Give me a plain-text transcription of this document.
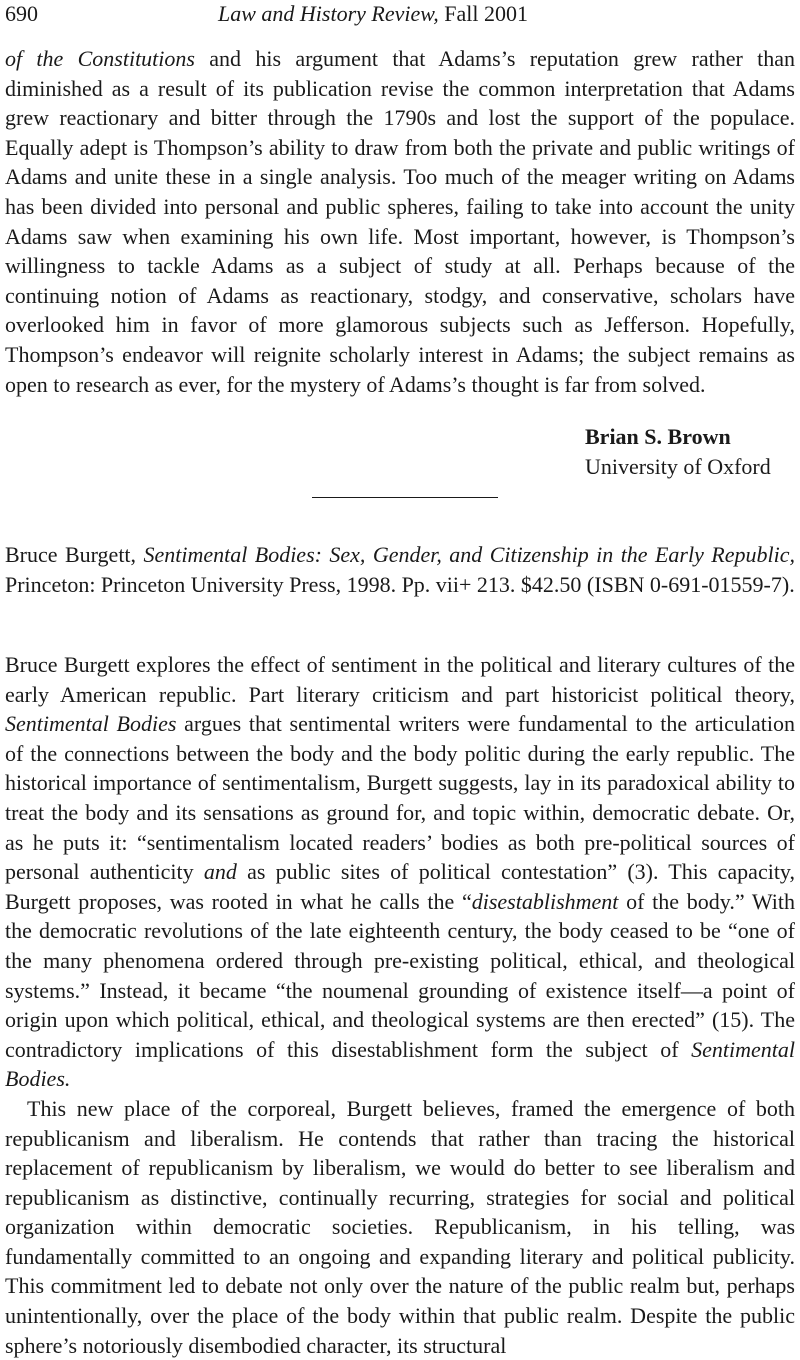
690	Law and History Review, Fall 2001

of the Constitutions and his argument that Adams’s reputation grew rather than diminished as a result of its publication revise the common interpretation that Adams grew reactionary and bitter through the 1790s and lost the support of the populace. Equally adept is Thompson’s ability to draw from both the private and public writings of Adams and unite these in a single analysis. Too much of the meager writing on Adams has been divided into personal and public spheres, failing to take into account the unity Adams saw when examining his own life. Most important, however, is Thompson’s willingness to tackle Adams as a subject of study at all. Perhaps because of the continuing notion of Adams as reactionary, stodgy, and conservative, scholars have overlooked him in favor of more glamorous subjects such as Jefferson. Hopefully, Thompson’s endeavor will reignite scholarly interest in Adams; the subject remains as open to research as ever, for the mystery of Adams’s thought is far from solved.

Brian S. Brown
University of Oxford

Bruce Burgett, Sentimental Bodies: Sex, Gender, and Citizenship in the Early Republic, Princeton: Princeton University Press, 1998. Pp. vii+ 213. $42.50 (ISBN 0-691-01559-7).

Bruce Burgett explores the effect of sentiment in the political and literary cultures of the early American republic. Part literary criticism and part historicist political theory, Sentimental Bodies argues that sentimental writers were fundamental to the articulation of the connections between the body and the body politic during the early republic. The historical importance of sentimentalism, Burgett suggests, lay in its paradoxical ability to treat the body and its sensations as ground for, and topic within, democratic debate. Or, as he puts it: “sentimentalism located readers’ bodies as both pre-political sources of personal authenticity and as public sites of political contestation” (3). This capacity, Burgett proposes, was rooted in what he calls the “disestablishment of the body.” With the democratic revolutions of the late eighteenth century, the body ceased to be “one of the many phenomena ordered through pre-existing political, ethical, and theological systems.” Instead, it became “the noumenal grounding of existence itself—a point of origin upon which political, ethical, and theological systems are then erected” (15). The contradictory implications of this disestablishment form the subject of Sentimental Bodies.

This new place of the corporeal, Burgett believes, framed the emergence of both republicanism and liberalism. He contends that rather than tracing the historical replacement of republicanism by liberalism, we would do better to see liberalism and republicanism as distinctive, continually recurring, strategies for social and political organization within democratic societies. Republicanism, in his telling, was fundamentally committed to an ongoing and expanding literary and political publicity. This commitment led to debate not only over the nature of the public realm but, perhaps unintentionally, over the place of the body within that public realm. Despite the public sphere’s notoriously disembodied character, its structural
